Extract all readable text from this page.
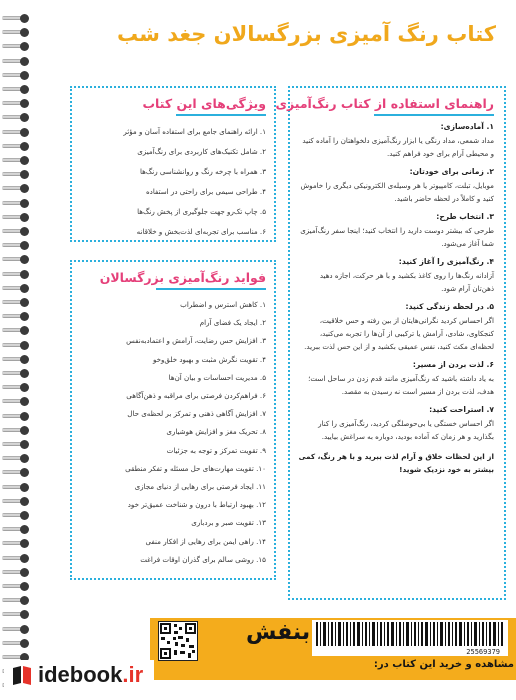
کتاب رنگ آمیزی بزرگسالان جغد شب
راهنمای استفاده از کتاب رنگ‌آمیزی
۱. آماده‌سازی:
مداد شمعی، مداد رنگی یا ابزار رنگ‌آمیزی دلخواهتان را آماده کنید و محیطی آرام برای خود فراهم کنید.
۲. زمانی برای خودتان:
موبایل، تبلت، کامپیوتر یا هر وسیله‌ی الکترونیکی دیگری را خاموش کنید و کاملاً در لحظه حاضر باشید.
۳. انتخاب طرح:
طرحی که بیشتر دوست دارید را انتخاب کنید؛ اینجا سفر رنگ‌آمیزی شما آغاز می‌شود.
۴. رنگ‌آمیزی را آغاز کنید:
آزادانه رنگ‌ها را روی کاغذ بکشید و با هر حرکت، اجازه دهید ذهن‌تان آرام شود.
۵. در لحظه زندگی کنید:
اگر احساس کردید نگرانی‌هایتان از بین رفته و حس خلاقیت، کنجکاوی، شادی، آرامش یا ترکیبی از آن‌ها را تجربه می‌کنید، لحظه‌ای مکث کنید، نفس عمیقی بکشید و از این حس لذت ببرید.
۶. لذت بردن از مسیر:
به یاد داشته باشید که رنگ‌آمیزی مانند قدم زدن در ساحل است؛ هدف، لذت بردن از مسیر است نه رسیدن به مقصد.
۷. استراحت کنید:
اگر احساس خستگی یا بی‌حوصلگی کردید، رنگ‌آمیزی را کنار بگذارید و هر زمان که آماده بودید، دوباره به سراغش بیایید.
از این لحظات خلاق و آرام لذت ببرید و با هر رنگ، کمی بیشتر به خود نزدیک شوید!
ویژگی‌های این کتاب
۱. ارائه راهنمای جامع برای استفاده آسان و مؤثر
۲. شامل تکنیک‌های کاربردی برای رنگ‌آمیزی
۳. همراه با چرخه رنگ و روانشناسی رنگ‌ها
۴. طراحی سیمی برای راحتی در استفاده
۵. چاپ تک‌رو جهت جلوگیری از پخش رنگ‌ها
۶. مناسب برای تجربه‌ای لذت‌بخش و خلاقانه
فواید رنگ‌آمیزی بزرگسالان
۱. کاهش استرس و اضطراب
۲. ایجاد یک فضای آرام
۳. افزایش حس رضایت، آرامش و اعتماد‌به‌نفس
۴. تقویت نگرش مثبت و بهبود خلق‌وخو
۵. مدیریت احساسات و بیان آن‌ها
۶. فراهم‌کردن فرصتی برای مراقبه و ذهن‌آگاهی
۷. افزایش آگاهی ذهنی و تمرکز بر لحظه‌ی حال
۸. تحریک مغز و افزایش هوشیاری
۹. تقویت تمرکز و توجه به جزئیات
۱۰. تقویت مهارت‌های حل مسئله و تفکر منطقی
۱۱. ایجاد فرصتی برای رهایی از دنیای مجازی
۱۲. بهبود ارتباط با درون و شناخت عمیق‌تر خود
۱۳. تقویت صبر و بردباری
۱۴. راهی ایمن برای رهایی از افکار منفی
۱۵. روشی سالم برای گذران اوقات فراغت
بنفش
25569379
مشاهده و خرید این کتاب در:
idebook.ir
